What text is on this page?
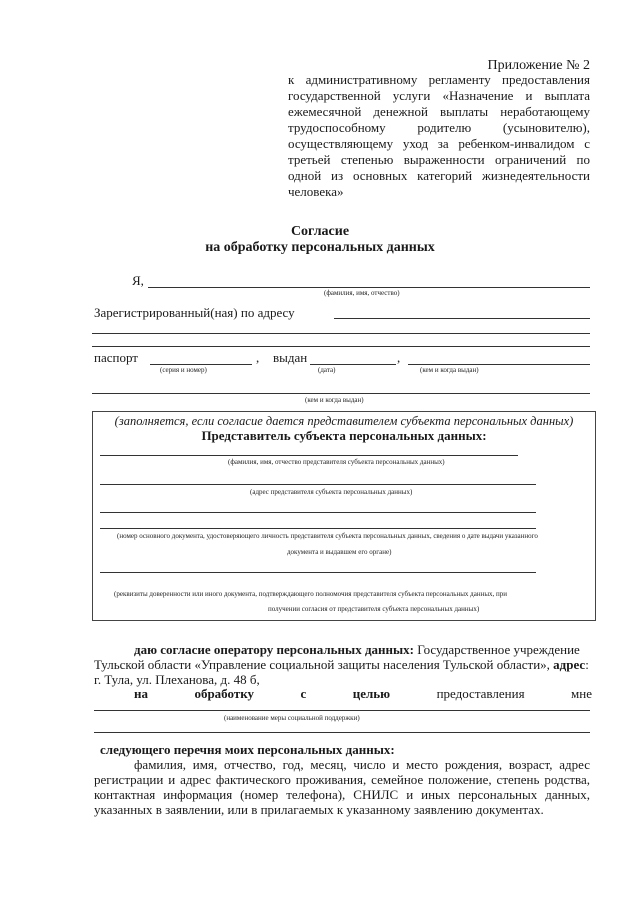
Приложение № 2
к административному регламенту предоставления
государственной услуги «Назначение и выплата
ежемесячной денежной выплаты неработающему
трудоспособному родителю (усыновителю),
осуществляющему уход за ребенком-инвалидом с
третьей степенью выраженности ограничений по
одной из основных категорий жизнедеятельности
человека»
Согласие
на обработку персональных данных
Я,
(фамилия, имя, отчество)
Зарегистрированный(ная) по адресу
паспорт	, выдан	,
(серия и номер)	(дата)	(кем и когда выдан)
(кем и когда выдан)
(заполняется, если согласие дается представителем субъекта персональных данных)
Представитель субъекта персональных данных:
(фамилия, имя, отчество представителя субъекта персональных данных)
(адрес представителя субъекта персональных данных)
(номер основного документа, удостоверяющего личность представителя субъекта персональных данных, сведения о дате выдачи указанного
документа и выдавшем его органе)
(реквизиты доверенности или иного документа, подтверждающего полномочия представителя субъекта персональных данных, при
получении согласия от представителя субъекта персональных данных)
даю согласие оператору персональных данных: Государственное учреждение
Тульской области «Управление социальной защиты населения Тульской области», адрес:
г. Тула, ул. Плеханова, д. 48 б,
на	обработку	с	целью	предоставления	мне
(наименование меры социальной поддержки)
следующего перечня моих персональных данных:
фамилия, имя, отчество, год, месяц, число и место рождения, возраст, адрес
регистрации и адрес фактического проживания, семейное положение, степень родства,
контактная информация (номер телефона), СНИЛС и иных персональных данных,
указанных в заявлении, или в прилагаемых к указанному заявлению документах.
